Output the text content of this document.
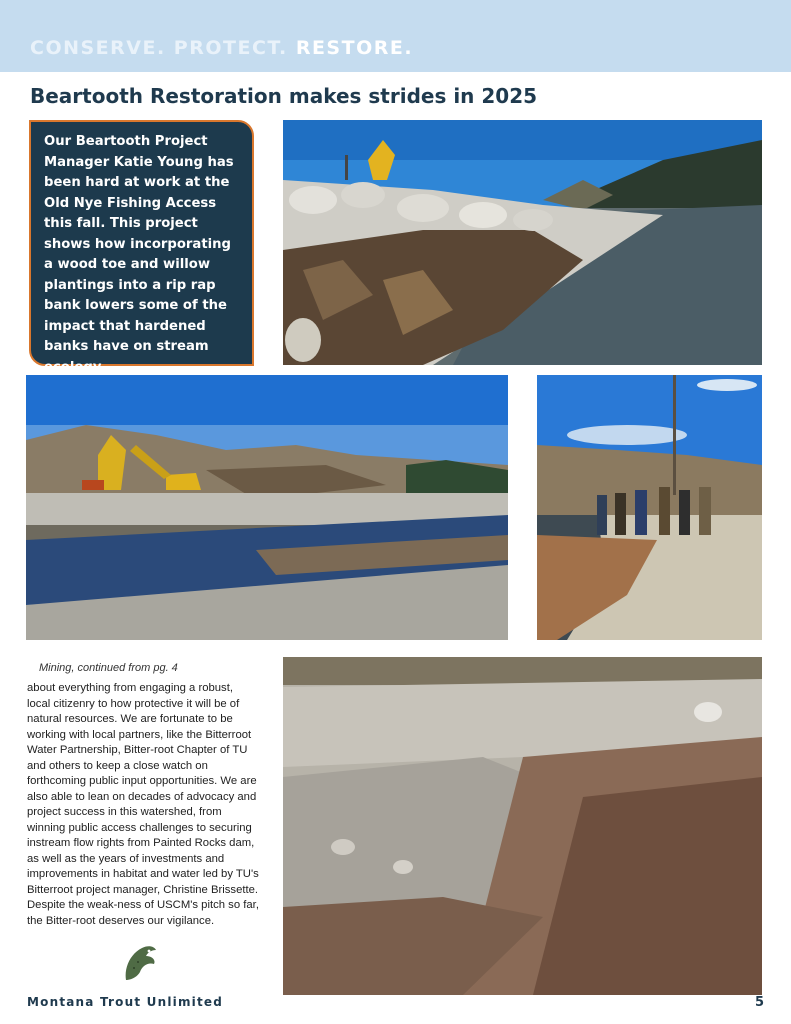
CONSERVE. PROTECT. RESTORE.
Beartooth Restoration makes strides in 2025
Our Beartooth Project Manager Katie Young has been hard at work at the Old Nye Fishing Access this fall. This project shows how incorporating a wood toe and willow plantings into a rip rap bank lowers some of the impact that hardened banks have on stream ecology.
Mining, continued from pg. 4
about everything from engaging a robust, local citizenry to how protective it will be of natural resources. We are fortunate to be working with local partners, like the Bitterroot Water Partnership, Bitter-root Chapter of TU and others to keep a close watch on forthcoming public input opportunities. We are also able to lean on decades of advocacy and project success in this watershed, from winning public access challenges to securing instream flow rights from Painted Rocks dam, as well as the years of investments and improvements in habitat and water led by TU's Bitterroot project manager, Christine Brissette. Despite the weak-ness of USCM's pitch so far, the Bitter-root deserves our vigilance.
Montana Trout Unlimited	5
